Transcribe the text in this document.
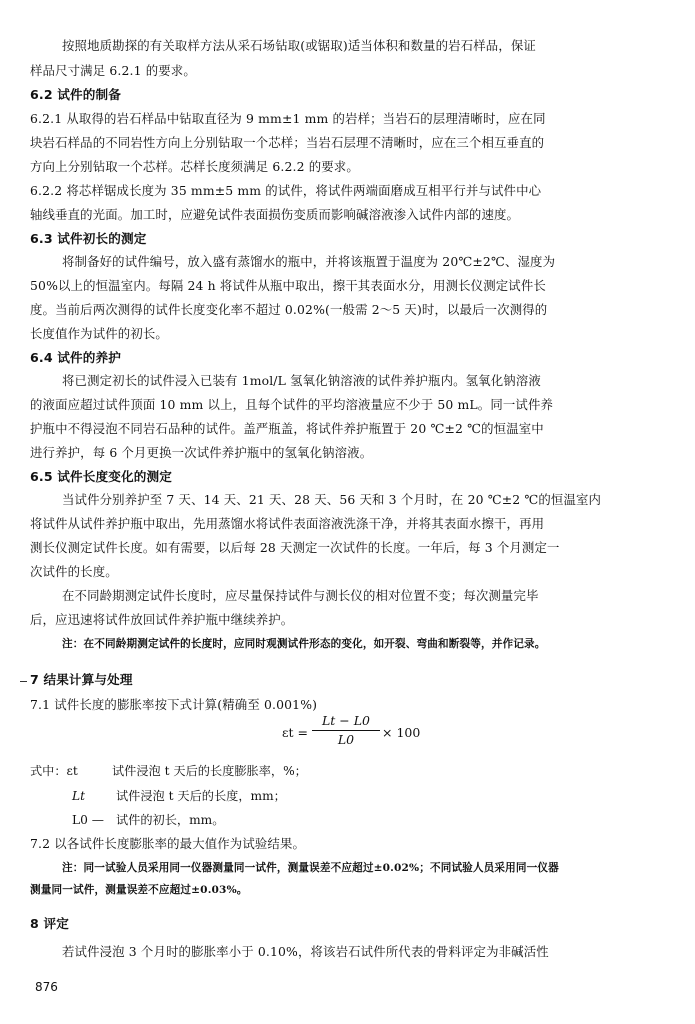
按照地质勘探的有关取样方法从采石场钻取(或锯取)适当体积和数量的岩石样品，保证
样品尺寸满足 6.2.1 的要求。
6.2 试件的制备
6.2.1 从取得的岩石样品中钻取直径为 9 mm±1 mm 的岩样；当岩石的层理清晰时，应在同
块岩石样品的不同岩性方向上分别钻取一个芯样；当岩石层理不清晰时，应在三个相互垂直的
方向上分别钻取一个芯样。芯样长度须满足 6.2.2 的要求。
6.2.2 将芯样锯成长度为 35 mm±5 mm 的试件，将试件两端面磨成互相平行并与试件中心
轴线垂直的光面。加工时，应避免试件表面损伤变质而影响碱溶液渗入试件内部的速度。
6.3 试件初长的测定
将制备好的试件编号，放入盛有蒸馏水的瓶中，并将该瓶置于温度为 20℃±2℃、湿度为
50%以上的恒温室内。每隔 24 h 将试件从瓶中取出，擦干其表面水分，用测长仪测定试件长
度。当前后两次测得的试件长度变化率不超过 0.02%(一般需 2～5 天)时，以最后一次测得的
长度值作为试件的初长。
6.4 试件的养护
将已测定初长的试件浸入已装有 1mol/L 氢氧化钠溶液的试件养护瓶内。氢氧化钠溶液
的液面应超过试件顶面 10 mm 以上，且每个试件的平均溶液量应不少于 50 mL。同一试件养
护瓶中不得浸泡不同岩石品种的试件。盖严瓶盖，将试件养护瓶置于 20 ℃±2 ℃的恒温室中
进行养护，每 6 个月更换一次试件养护瓶中的氢氧化钠溶液。
6.5 试件长度变化的测定
当试件分别养护至 7 天、14 天、21 天、28 天、56 天和 3 个月时，在 20 ℃±2 ℃的恒温室内
将试件从试件养护瓶中取出，先用蒸馏水将试件表面溶液洗涤干净，并将其表面水擦干，再用
测长仪测定试件长度。如有需要，以后每 28 天测定一次试件的长度。一年后，每 3 个月测定一
次试件的长度。
在不同龄期测定试件长度时，应尽量保持试件与测长仪的相对位置不变；每次测量完毕
后，应迅速将试件放回试件养护瓶中继续养护。
注：在不同龄期测定试件的长度时，应同时观测试件形态的变化，如开裂、弯曲和断裂等，并作记录。
7 结果计算与处理
7.1 试件长度的膨胀率按下式计算(精确至 0.001%)
εt =
Lt − L0
L0	× 100
式中：εt	试件浸泡 t 天后的长度膨胀率，%；
Lt	试件浸泡 t 天后的长度，mm；
L0 — 试件的初长，mm。
7.2 以各试件长度膨胀率的最大值作为试验结果。
注：同一试验人员采用同一仪器测量同一试件，测量误差不应超过±0.02%；不同试验人员采用同一仪器
测量同一试件，测量误差不应超过±0.03%。
8 评定
若试件浸泡 3 个月时的膨胀率小于 0.10%，将该岩石试件所代表的骨料评定为非碱活性
876
